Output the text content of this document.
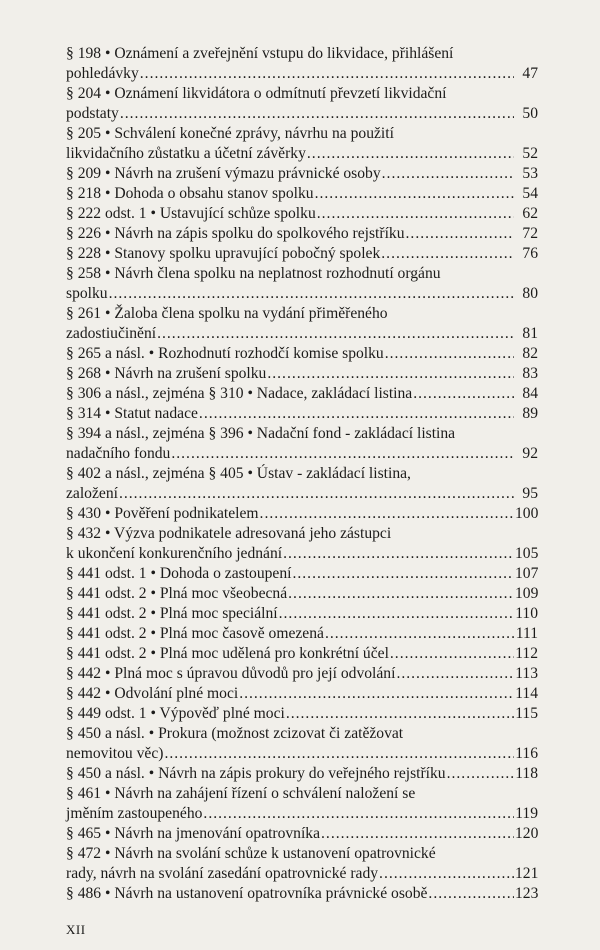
§ 198 • Oznámení a zveřejnění vstupu do likvidace, přihlášení
pohledávky .....	47
§ 204 • Oznámení likvidátora o odmítnutí převzetí likvidační
podstaty .....	50
§ 205 • Schválení konečné zprávy, návrhu na použití
likvidačního zůstatku a účetní závěrky .....	52
§ 209 • Návrh na zrušení výmazu právnické osoby .....	53
§ 218 • Dohoda o obsahu stanov spolku .....	54
§ 222 odst. 1 • Ustavující schůze spolku .....	62
§ 226 • Návrh na zápis spolku do spolkového rejstříku .....	72
§ 228 • Stanovy spolku upravující pobočný spolek .....	76
§ 258 • Návrh člena spolku na neplatnost rozhodnutí orgánu
spolku .....	80
§ 261 • Žaloba člena spolku na vydání přiměřeného
zadostiučinění .....	81
§ 265 a násl. • Rozhodnutí rozhodčí komise spolku .....	82
§ 268 • Návrh na zrušení spolku .....	83
§ 306 a násl., zejména § 310 • Nadace, zakládací listina .....	84
§ 314 • Statut nadace .....	89
§ 394 a násl., zejména § 396 • Nadační fond - zakládací listina
nadačního fondu .....	92
§ 402 a násl., zejména § 405 • Ústav - zakládací listina,
založení .....	95
§ 430 • Pověření podnikatelem .....	100
§ 432 • Výzva podnikatele adresovaná jeho zástupci
k ukončení konkurenčního jednání .....	105
§ 441 odst. 1 • Dohoda o zastoupení .....	107
§ 441 odst. 2 • Plná moc všeobecná .....	109
§ 441 odst. 2 • Plná moc speciální .....	110
§ 441 odst. 2 • Plná moc časově omezená .....	111
§ 441 odst. 2 • Plná moc udělená pro konkrétní účel .....	112
§ 442 • Plná moc s úpravou důvodů pro její odvolání .....	113
§ 442 • Odvolání plné moci .....	114
§ 449 odst. 1 • Výpověď plné moci .....	115
§ 450 a násl. • Prokura (možnost zcizovat či zatěžovat
nemovitou věc) .....	116
§ 450 a násl. • Návrh na zápis prokury do veřejného rejstříku .....	118
§ 461 • Návrh na zahájení řízení o schválení naložení se
jměním zastoupeného .....	119
§ 465 • Návrh na jmenování opatrovníka .....	120
§ 472 • Návrh na svolání schůze k ustanovení opatrovnické
rady, návrh na svolání zasedání opatrovnické rady .....	121
§ 486 • Návrh na ustanovení opatrovníka právnické osobě .....	123
XII
